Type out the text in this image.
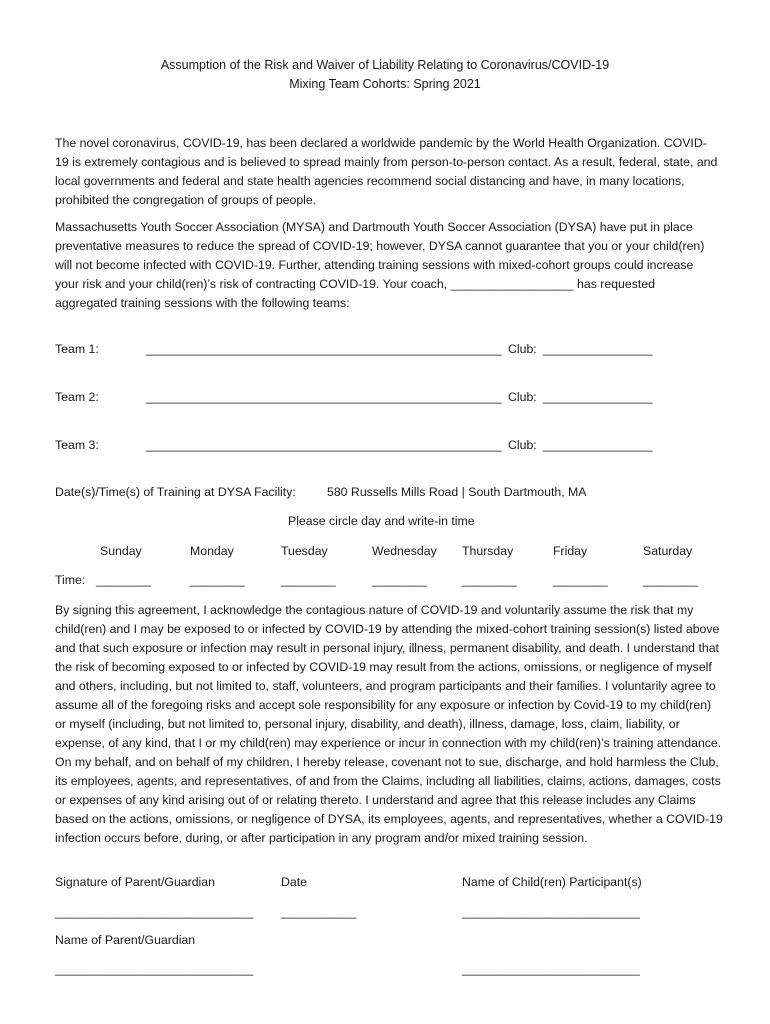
Assumption of the Risk and Waiver of Liability Relating to Coronavirus/COVID-19
Mixing Team Cohorts: Spring 2021
The novel coronavirus, COVID-19, has been declared a worldwide pandemic by the World Health Organization. COVID-19 is extremely contagious and is believed to spread mainly from person-to-person contact. As a result, federal, state, and local governments and federal and state health agencies recommend social distancing and have, in many locations, prohibited the congregation of groups of people.
Massachusetts Youth Soccer Association (MYSA) and Dartmouth Youth Soccer Association (DYSA) have put in place preventative measures to reduce the spread of COVID-19; however, DYSA cannot guarantee that you or your child(ren) will not become infected with COVID-19. Further, attending training sessions with mixed-cohort groups could increase your risk and your child(ren)’s risk of contracting COVID-19. Your coach, __________________ has requested aggregated training sessions with the following teams:
Team 1:	____________________________________________________ Club: ________________
Team 2:	____________________________________________________ Club: ________________
Team 3:	____________________________________________________ Club: ________________
Date(s)/Time(s) of Training at DYSA Facility:	580 Russells Mills Road | South Dartmouth, MA
Please circle day and write-in time
Sunday	Monday	Tuesday	Wednesday Thursday	Friday	Saturday
Time: ________	________	________	________	________	________	________
By signing this agreement, I acknowledge the contagious nature of COVID-19 and voluntarily assume the risk that my child(ren) and I may be exposed to or infected by COVID-19 by attending the mixed-cohort training session(s) listed above and that such exposure or infection may result in personal injury, illness, permanent disability, and death. I understand that the risk of becoming exposed to or infected by COVID-19 may result from the actions, omissions, or negligence of myself and others, including, but not limited to, staff, volunteers, and program participants and their families. I voluntarily agree to assume all of the foregoing risks and accept sole responsibility for any exposure or infection by Covid-19 to my child(ren) or myself (including, but not limited to, personal injury, disability, and death), illness, damage, loss, claim, liability, or expense, of any kind, that I or my child(ren) may experience or incur in connection with my child(ren)’s training attendance. On my behalf, and on behalf of my children, I hereby release, covenant not to sue, discharge, and hold harmless the Club, its employees, agents, and representatives, of and from the Claims, including all liabilities, claims, actions, damages, costs or expenses of any kind arising out of or relating thereto. I understand and agree that this release includes any Claims based on the actions, omissions, or negligence of DYSA, its employees, agents, and representatives, whether a COVID-19 infection occurs before, during, or after participation in any program and/or mixed training session.
Signature of Parent/Guardian	Date	Name of Child(ren) Participant(s)
_____________________________ ___________	__________________________
Name of Parent/Guardian
_____________________________	__________________________
